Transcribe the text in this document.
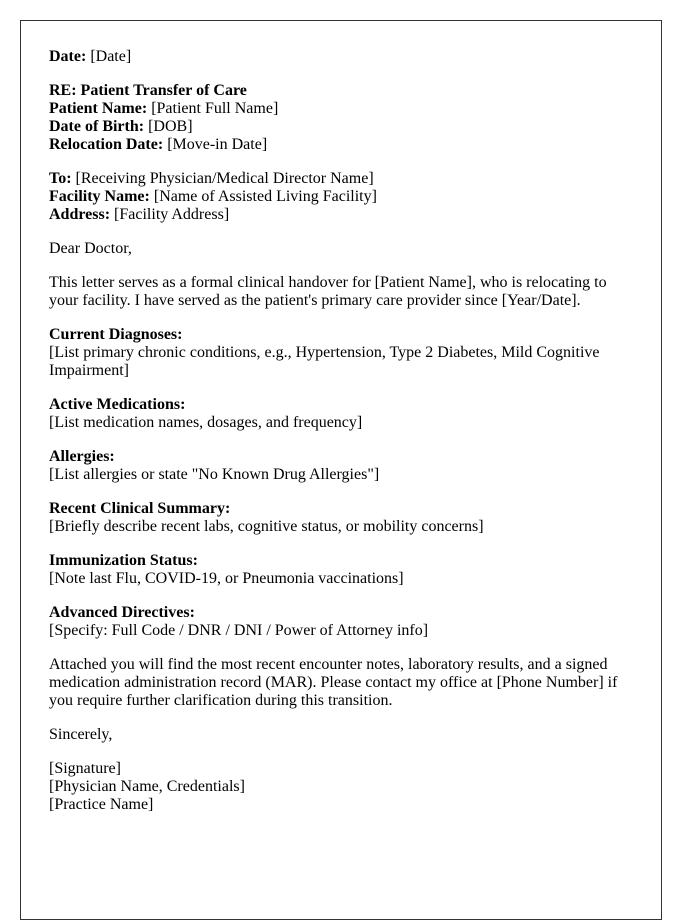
Date: [Date]

RE: Patient Transfer of Care
Patient Name: [Patient Full Name]
Date of Birth: [DOB]
Relocation Date: [Move-in Date]

To: [Receiving Physician/Medical Director Name]
Facility Name: [Name of Assisted Living Facility]
Address: [Facility Address]

Dear Doctor,

This letter serves as a formal clinical handover for [Patient Name], who is relocating to your facility. I have served as the patient's primary care provider since [Year/Date].

Current Diagnoses:
[List primary chronic conditions, e.g., Hypertension, Type 2 Diabetes, Mild Cognitive Impairment]

Active Medications:
[List medication names, dosages, and frequency]

Allergies:
[List allergies or state "No Known Drug Allergies"]

Recent Clinical Summary:
[Briefly describe recent labs, cognitive status, or mobility concerns]

Immunization Status:
[Note last Flu, COVID-19, or Pneumonia vaccinations]

Advanced Directives:
[Specify: Full Code / DNR / DNI / Power of Attorney info]

Attached you will find the most recent encounter notes, laboratory results, and a signed medication administration record (MAR). Please contact my office at [Phone Number] if you require further clarification during this transition.

Sincerely,

[Signature]
[Physician Name, Credentials]
[Practice Name]
